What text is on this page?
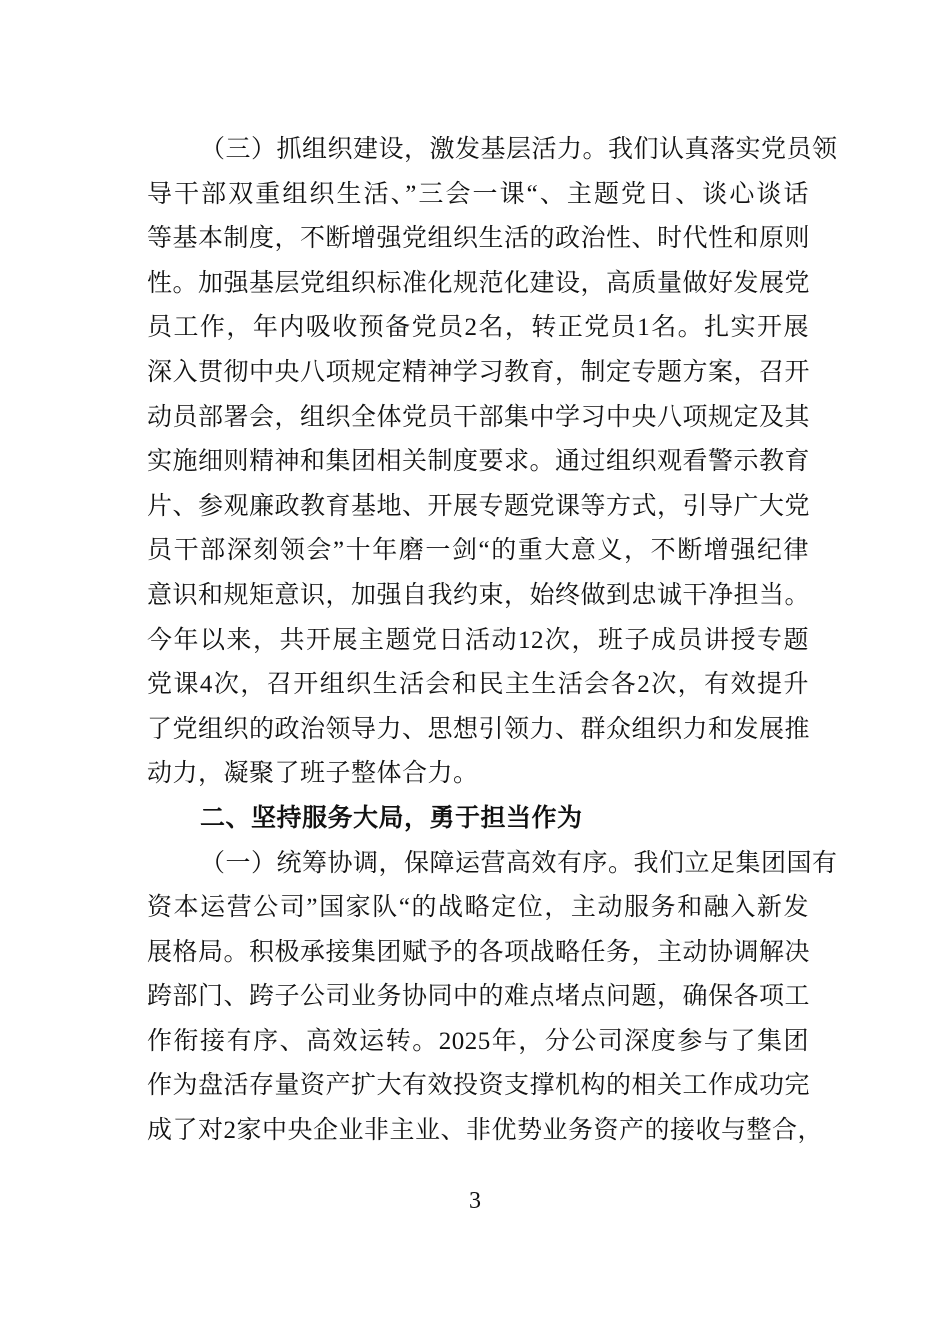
（三）抓组织建设，激发基层活力。我们认真落实党员领
导干部双重组织生活、”三会一课“、主题党日、谈心谈话
等基本制度，不断增强党组织生活的政治性、时代性和原则
性。加强基层党组织标准化规范化建设，高质量做好发展党
员工作，年内吸收预备党员2名，转正党员1名。扎实开展
深入贯彻中央八项规定精神学习教育，制定专题方案，召开
动员部署会，组织全体党员干部集中学习中央八项规定及其
实施细则精神和集团相关制度要求。通过组织观看警示教育
片、参观廉政教育基地、开展专题党课等方式，引导广大党
员干部深刻领会”十年磨一剑“的重大意义，不断增强纪律
意识和规矩意识，加强自我约束，始终做到忠诚干净担当。
今年以来，共开展主题党日活动12次，班子成员讲授专题
党课4次，召开组织生活会和民主生活会各2次，有效提升
了党组织的政治领导力、思想引领力、群众组织力和发展推
动力，凝聚了班子整体合力。
二、坚持服务大局，勇于担当作为
（一）统筹协调，保障运营高效有序。我们立足集团国有
资本运营公司”国家队“的战略定位，主动服务和融入新发
展格局。积极承接集团赋予的各项战略任务，主动协调解决
跨部门、跨子公司业务协同中的难点堵点问题，确保各项工
作衔接有序、高效运转。2025年，分公司深度参与了集团
作为盘活存量资产扩大有效投资支撑机构的相关工作成功完
成了对2家中央企业非主业、非优势业务资产的接收与整合，
3
